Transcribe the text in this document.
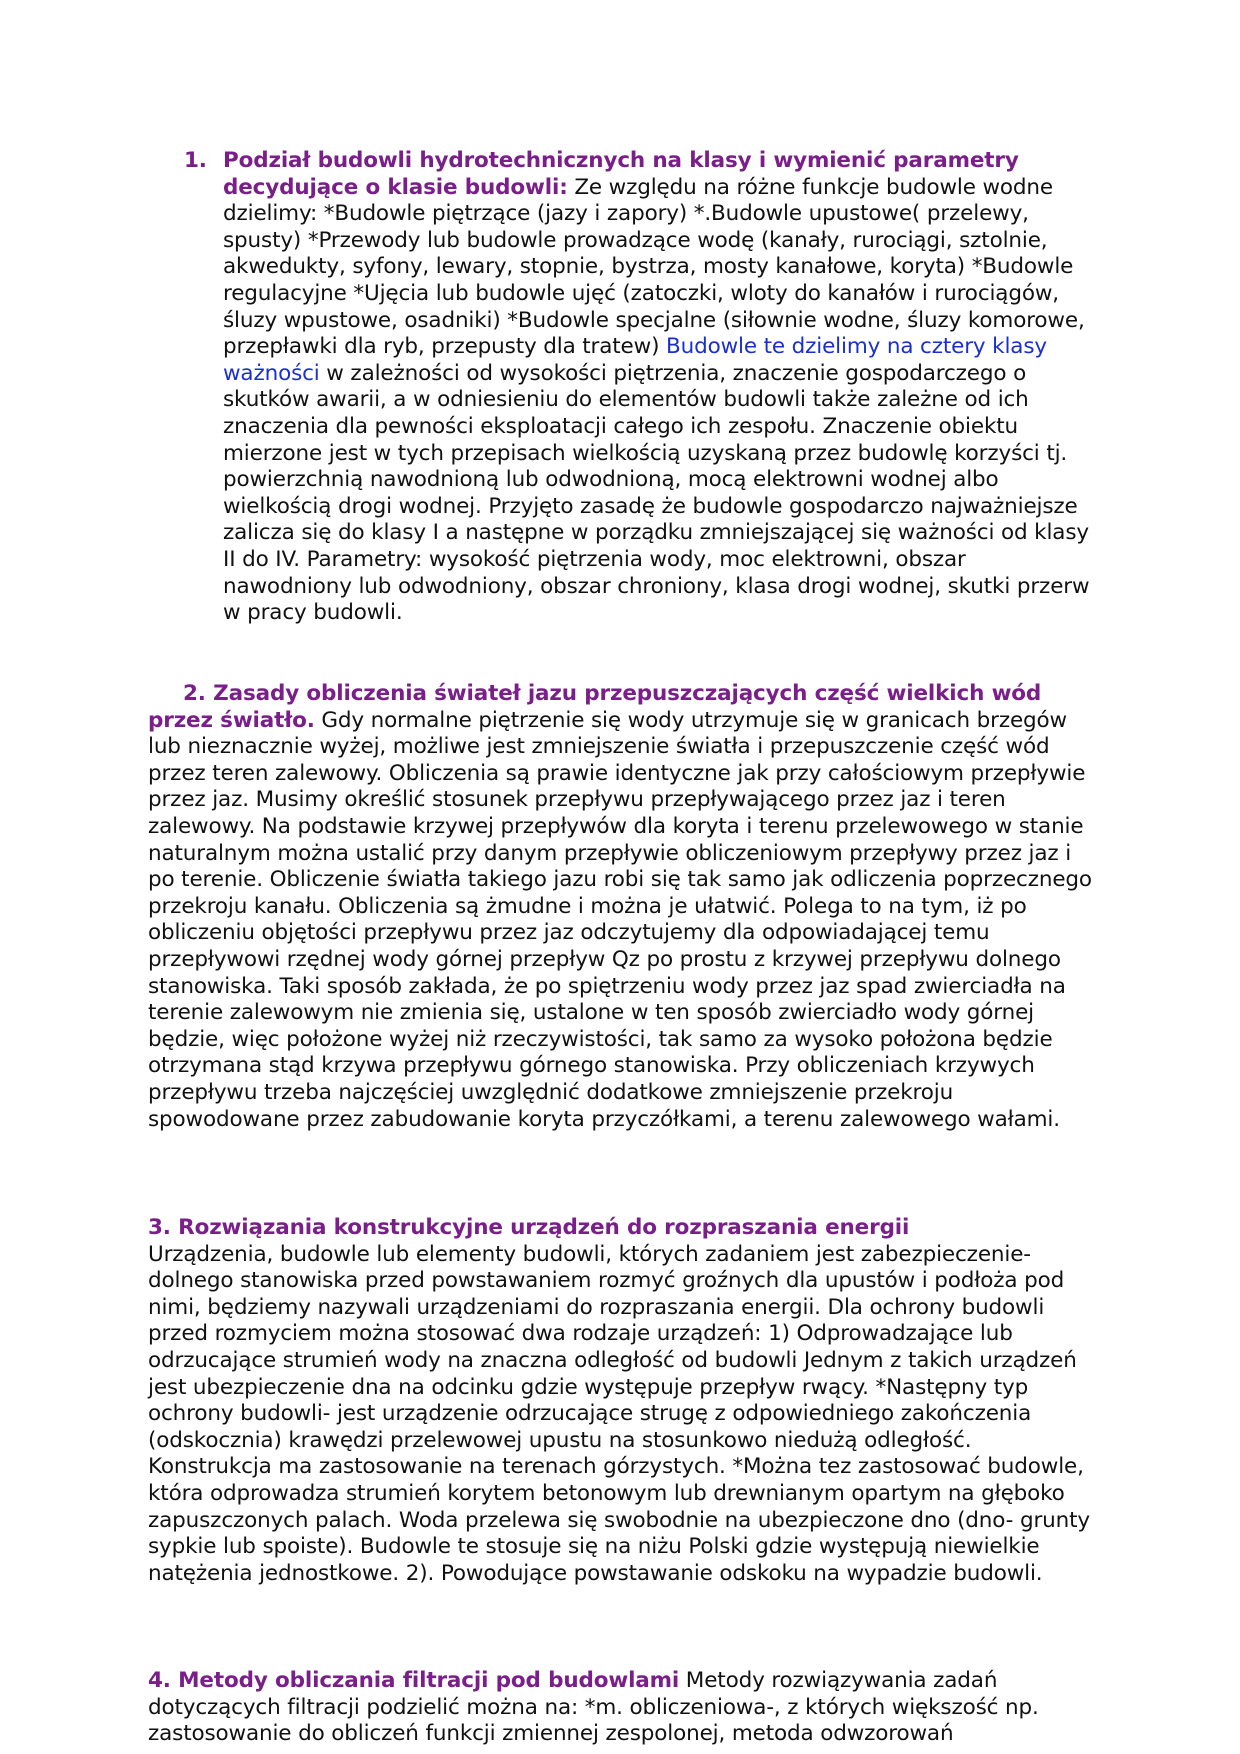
1. Podział budowli hydrotechnicznych na klasy i wymienić parametry decydujące o klasie budowli: Ze względu na różne funkcje budowle wodne dzielimy: *Budowle piętrzące (jazy i zapory) *.Budowle upustowe( przelewy, spusty) *Przewody lub budowle prowadzące wodę (kanały, rurociągi, sztolnie, akwedukty, syfony, lewary, stopnie, bystrza, mosty kanałowe, koryta) *Budowle regulacyjne *Ujęcia lub budowle ujęć (zatoczki, wloty do kanałów i rurociągów, śluzy wpustowe, osadniki) *Budowle specjalne (siłownie wodne, śluzy komorowe, przepławki dla ryb, przepusty dla tratew) Budowle te dzielimy na cztery klasy ważności w zależności od wysokości piętrzenia, znaczenie gospodarczego o skutków awarii, a w odniesieniu do elementów budowli także zależne od ich znaczenia dla pewności eksploatacji całego ich zespołu. Znaczenie obiektu mierzone jest w tych przepisach wielkością uzyskaną przez budowlę korzyści tj. powierzchnią nawodnioną lub odwodnioną, mocą elektrowni wodnej albo wielkością drogi wodnej. Przyjęto zasadę że budowle gospodarczo najważniejsze zalicza się do klasy I a następne w porządku zmniejszającej się ważności od klasy II do IV. Parametry: wysokość piętrzenia wody, moc elektrowni, obszar nawodniony lub odwodniony, obszar chroniony, klasa drogi wodnej, skutki przerw w pracy budowli.
2. Zasady obliczenia świateł jazu przepuszczających część wielkich wód przez światło. Gdy normalne piętrzenie się wody utrzymuje się w granicach brzegów lub nieznacznie wyżej, możliwe jest zmniejszenie światła i przepuszczenie część wód przez teren zalewowy. Obliczenia są prawie identyczne jak przy całościowym przepływie przez jaz. Musimy określić stosunek przepływu przepływającego przez jaz i teren zalewowy. Na podstawie krzywej przepływów dla koryta i terenu przelewowego w stanie naturalnym można ustalić przy danym przepływie obliczeniowym przepływy przez jaz i po terenie. Obliczenie światła takiego jazu robi się tak samo jak odliczenia poprzecznego przekroju kanału. Obliczenia są żmudne i można je ułatwić. Polega to na tym, iż po obliczeniu objętości przepływu przez jaz odczytujemy dla odpowiadającej temu przepływowi rzędnej wody górnej przepływ Qz po prostu z krzywej przepływu dolnego stanowiska. Taki sposób zakłada, że po spiętrzeniu wody przez jaz spad zwierciadła na terenie zalewowym nie zmienia się, ustalone w ten sposób zwierciadło wody górnej będzie, więc położone wyżej niż rzeczywistości, tak samo za wysoko położona będzie otrzymana stąd krzywa przepływu górnego stanowiska. Przy obliczeniach krzywych przepływu trzeba najczęściej uwzględnić dodatkowe zmniejszenie przekroju spowodowane przez zabudowanie koryta przyczółkami, a terenu zalewowego wałami.
3. Rozwiązania konstrukcyjne urządzeń do rozpraszania energii
Urządzenia, budowle lub elementy budowli, których zadaniem jest zabezpieczenie-dolnego stanowiska przed powstawaniem rozmyć groźnych dla upustów i podłoża pod nimi, będziemy nazywali urządzeniami do rozpraszania energii. Dla ochrony budowli przed rozmyciem można stosować dwa rodzaje urządzeń: 1) Odprowadzające lub odrzucające strumień wody na znaczna odległość od budowli Jednym z takich urządzeń jest ubezpieczenie dna na odcinku gdzie występuje przepływ rwący. *Następny typ ochrony budowli- jest urządzenie odrzucające strugę z odpowiedniego zakończenia (odskocznia) krawędzi przelewowej upustu na stosunkowo niedużą odległość. Konstrukcja ma zastosowanie na terenach górzystych. *Można tez zastosować budowle, która odprowadza strumień korytem betonowym lub drewnianym opartym na głęboko zapuszczonych palach. Woda przelewa się swobodnie na ubezpieczone dno (dno- grunty sypkie lub spoiste). Budowle te stosuje się na niżu Polski gdzie występują niewielkie natężenia jednostkowe. 2). Powodujące powstawanie odskoku na wypadzie budowli.
4. Metody obliczania filtracji pod budowlami Metody rozwiązywania zadań dotyczących filtracji podzielić można na: *m. obliczeniowa-, z których większość np. zastosowanie do obliczeń funkcji zmiennej zespolonej, metoda odwzorowań
